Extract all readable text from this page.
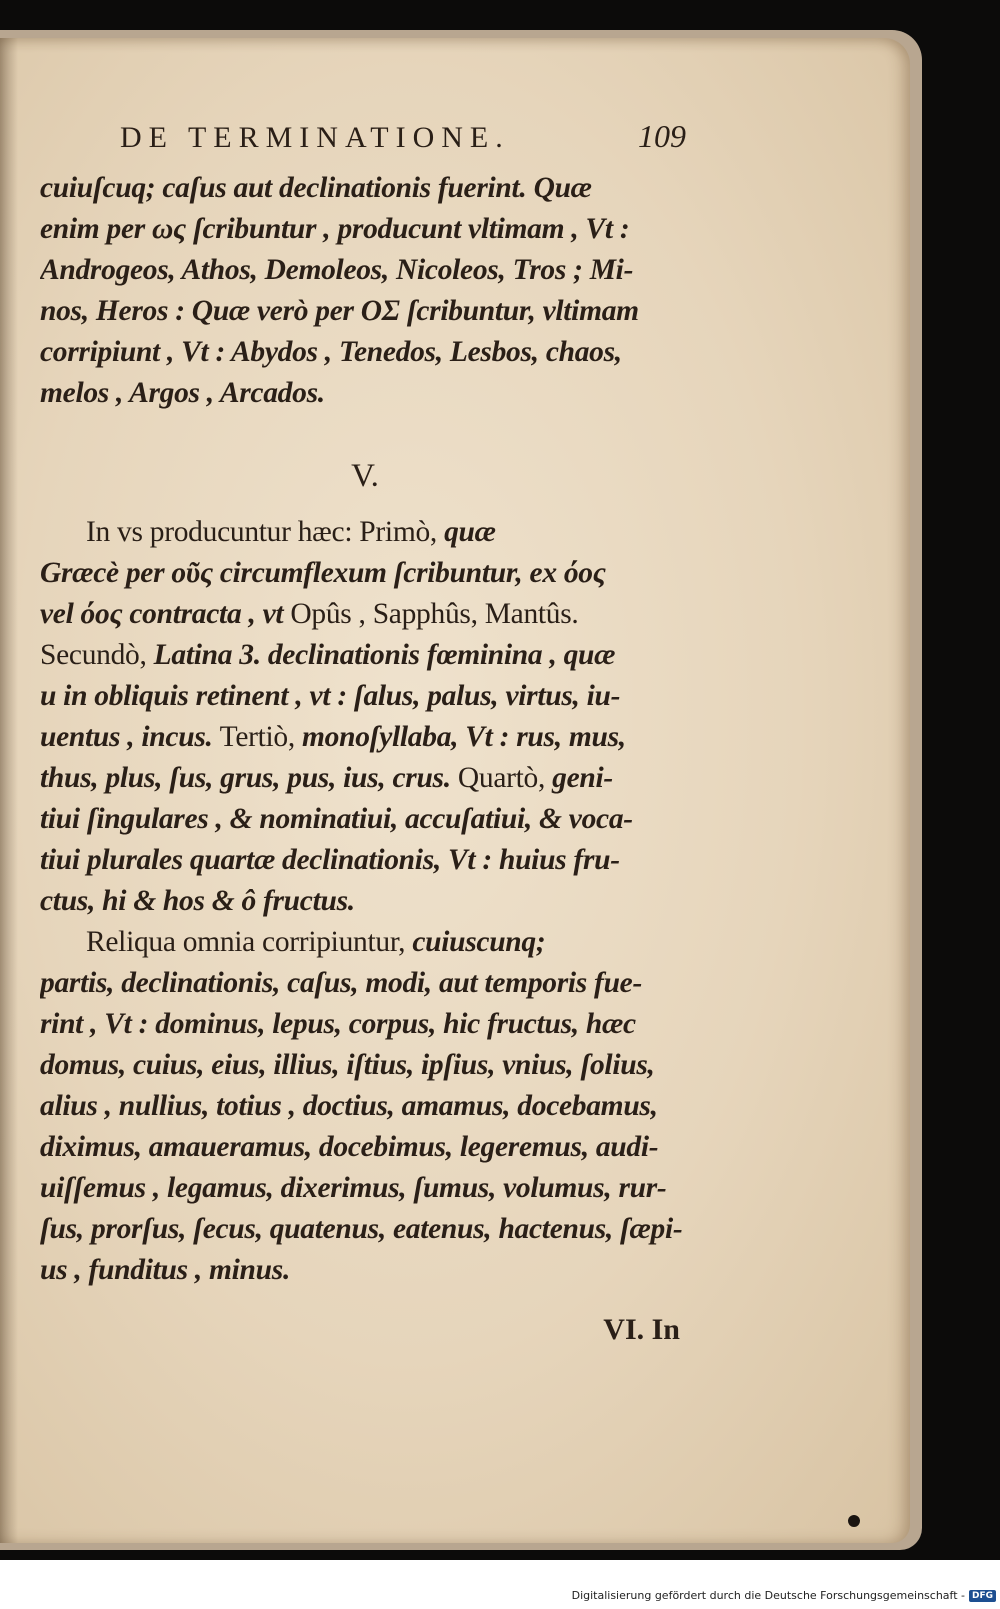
DE TERMINATIONE.	109
cuiuſcuq; caſus aut declinationis fuerint. Quæ
enim per ως ſcribuntur , producunt vltimam , Vt :
Androgeos, Athos, Demoleos, Nicoleos, Tros ; Mi-
nos, Heros : Quæ verò per ΟΣ ſcribuntur, vltimam
corripiunt , Vt : Abydos , Tenedos, Lesbos, chaos,
melos , Argos , Arcados.
V.
In vs producuntur hæc: Primò, quæ
Græcè per οῦς circumflexum ſcribuntur, ex όος
vel όος contracta , vt Opûs , Sapphûs, Mantûs.
Secundò, Latina 3. declinationis fœminina , quæ
u in obliquis retinent , vt : ſalus, palus, virtus, iu-
uentus , incus. Tertiò, monoſyllaba, Vt : rus, mus,
thus, plus, ſus, grus, pus, ius, crus. Quartò, geni-
tiui ſingulares , & nominatiui, accuſatiui, & voca-
tiui plurales quartæ declinationis, Vt : huius fru-
ctus, hi & hos & ô fructus.
Reliqua omnia corripiuntur, cuiuscunq;
partis, declinationis, caſus, modi, aut temporis fue-
rint , Vt : dominus, lepus, corpus, hic fructus, hæc
domus, cuius, eius, illius, iſtius, ipſius, vnius, ſolius,
alius , nullius, totius , doctius, amamus, docebamus,
diximus, amaueramus, docebimus, legeremus, audi-
uiſſemus , legamus, dixerimus, ſumus, volumus, rur-
ſus, prorſus, ſecus, quatenus, eatenus, hactenus, ſæpi-
us , funditus , minus.
VI. In
Digitalisierung gefördert durch die Deutsche Forschungsgemeinschaft - DFG
